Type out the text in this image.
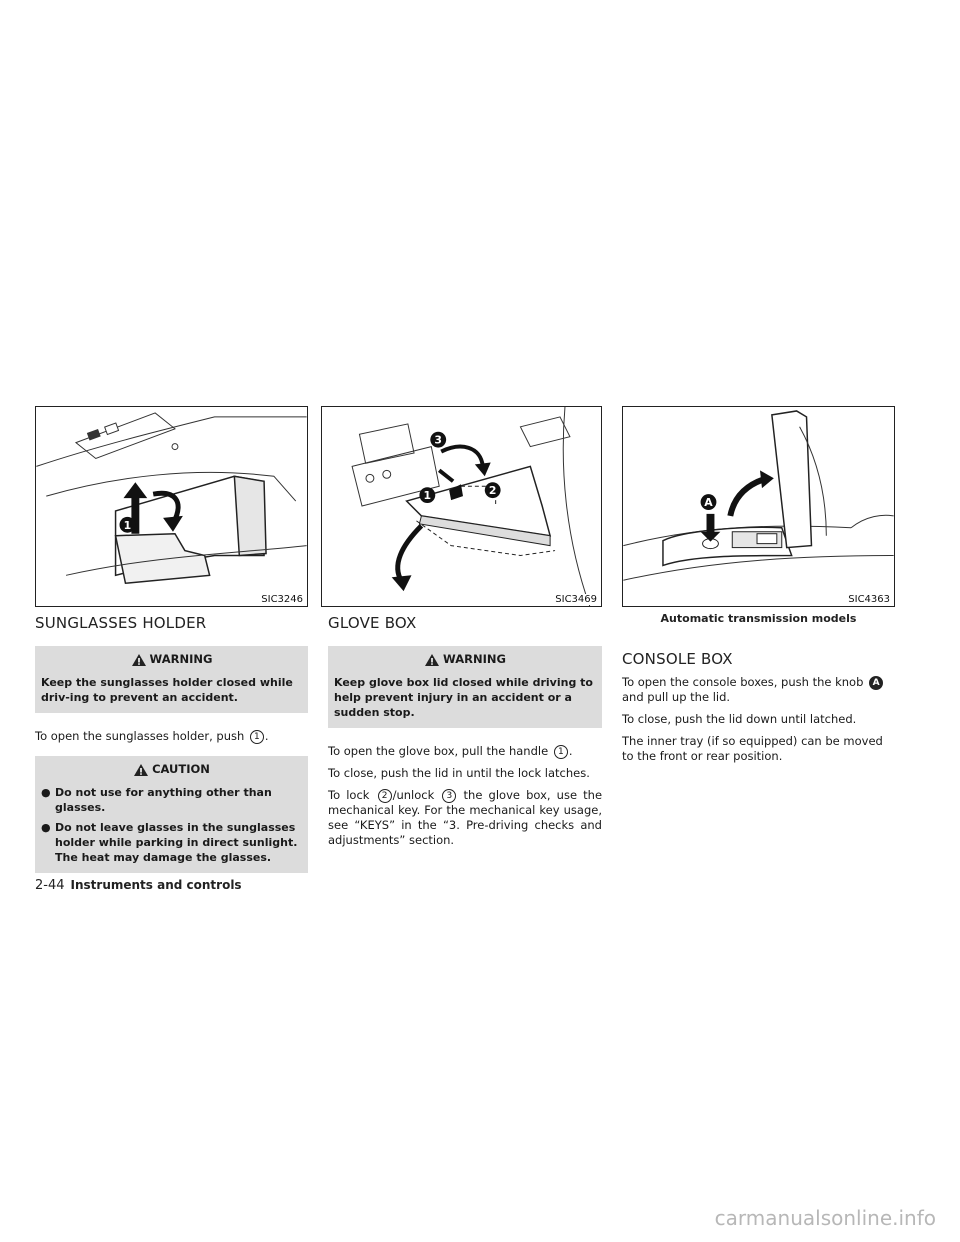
1
SIC3246
1	2
3
SIC3469
A
SIC4363
Automatic transmission models
SUNGLASSES HOLDER
WARNING
Keep the sunglasses holder closed while driv-ing to prevent an accident.

To open the sunglasses holder, push 1 .

CAUTION
● Do not use for anything other than glasses.
● Do not leave glasses in the sunglasses holder while parking in direct sunlight. The heat may damage the glasses.
GLOVE BOX
WARNING
Keep glove box lid closed while driving to help prevent injury in an accident or a sudden stop.

To open the glove box, pull the handle 1 .

To close, push the lid in until the lock latches.

To lock 2 /unlock 3 the glove box, use the mechanical key. For the mechanical key usage, see “KEYS” in the “3. Pre-driving checks and adjustments” section.

CONSOLE BOX

To open the console boxes, push the knob A and pull up the lid.

To close, push the lid down until latched.

The inner tray (if so equipped) can be moved to the front or rear position.

2-44 Instruments and controls
carmanualsonline.info
